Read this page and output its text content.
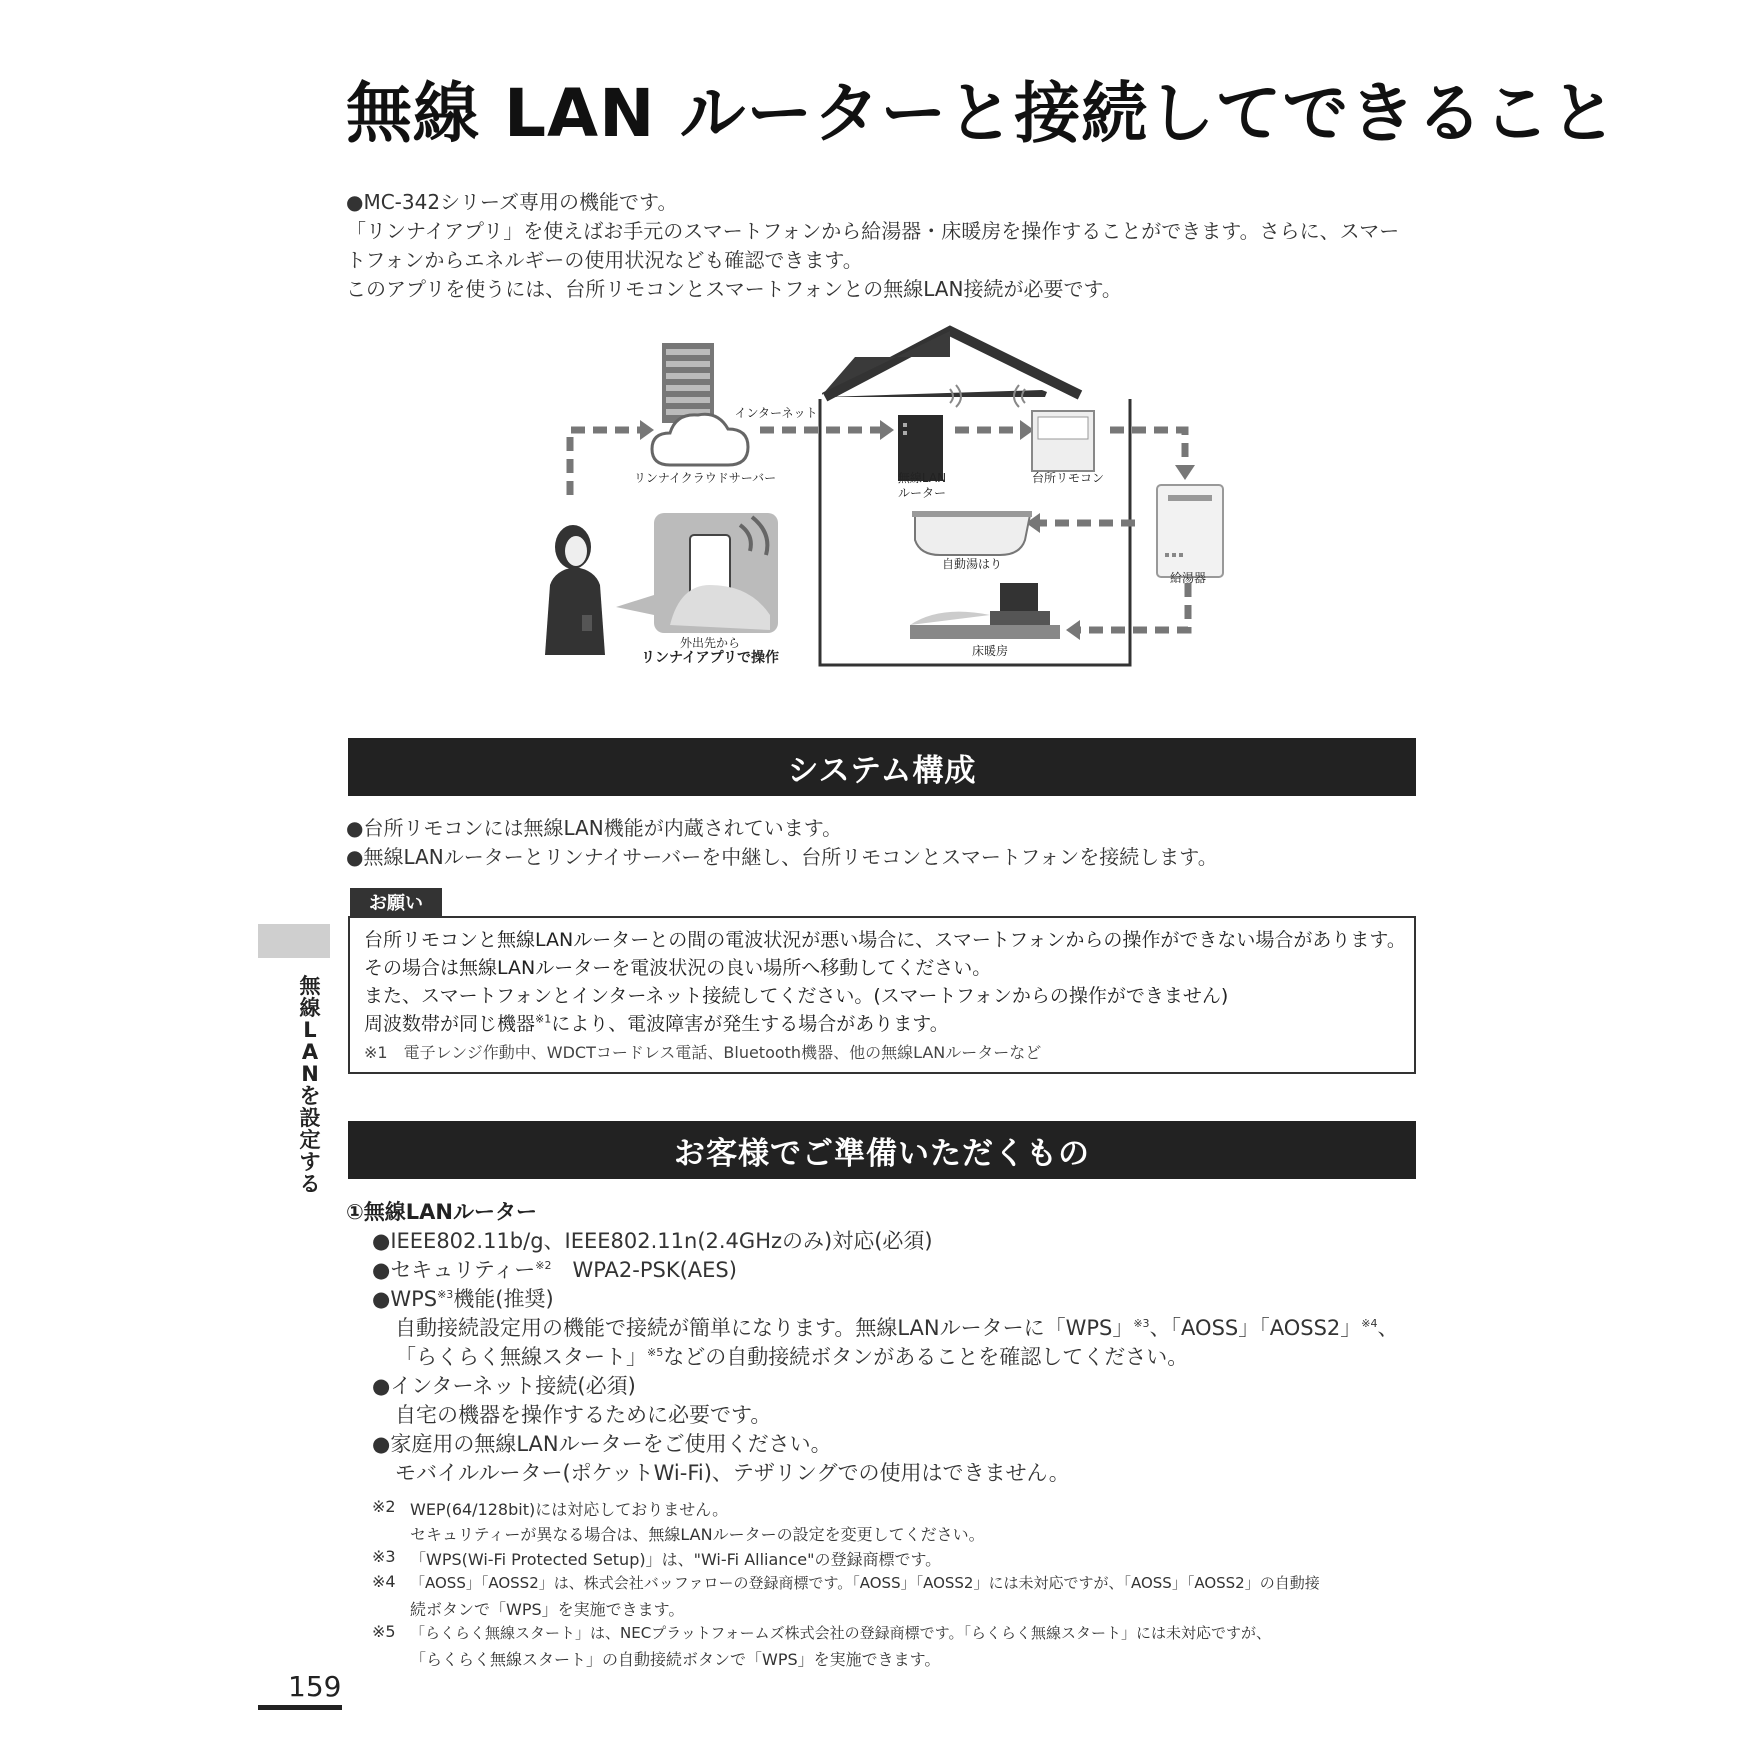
無線 LAN ルーターと接続してできること
●MC-342シリーズ専用の機能です。
「リンナイアプリ」を使えばお手元のスマートフォンから給湯器・床暖房を操作することができます。さらに、スマー
トフォンからエネルギーの使用状況なども確認できます。
このアプリを使うには、台所リモコンとスマートフォンとの無線LAN接続が必要です。
インターネット
リンナイクラウドサーバー	無線LAN
ルーター
台所リモコン
給湯器
自動湯はり
床暖房
外出先から
リンナイアプリで操作
システム構成
●台所リモコンには無線LAN機能が内蔵されています。
●無線LANルーターとリンナイサーバーを中継し、台所リモコンとスマートフォンを接続します。
お願い
台所リモコンと無線LANルーターとの間の電波状況が悪い場合に、スマートフォンからの操作ができない場合があります。
その場合は無線LANルーターを電波状況の良い場所へ移動してください。
また、スマートフォンとインターネット接続してください。(スマートフォンからの操作ができません)
周波数帯が同じ機器$^{※1}$により、電波障害が発生する場合があります。
※1　電子レンジ作動中、WDCTコードレス電話、Bluetooth機器、他の無線LANルーターなど
お客様でご準備いただくもの
①無線LANルーター
●IEEE802.11b/g、IEEE802.11n(2.4GHzのみ)対応(必須)
●セキュリティー$^{※2}$　WPA2-PSK(AES)
●WPS$^{※3}$機能(推奨)
自動接続設定用の機能で接続が簡単になります。無線LANルーターに「WPS」$^{※3}$、「AOSS」「AOSS2」$^{※4}$、
「らくらく無線スタート」$^{※5}$などの自動接続ボタンがあることを確認してください。
●インターネット接続(必須)
自宅の機器を操作するために必要です。
●家庭用の無線LANルーターをご使用ください。
モバイルルーター(ポケットWi-Fi)、テザリングでの使用はできません。
※2 WEP(64/128bit)には対応しておりません。
セキュリティーが異なる場合は、無線LANルーターの設定を変更してください。
※3 「WPS(Wi-Fi Protected Setup)」は、"Wi-Fi Alliance"の登録商標です。
※4 「AOSS」「AOSS2」は、株式会社バッファローの登録商標です。「AOSS」「AOSS2」には未対応ですが、「AOSS」「AOSS2」の自動接
続ボタンで「WPS」を実施できます。
※5 「らくらく無線スタート」は、NECプラットフォームズ株式会社の登録商標です。「らくらく無線スタート」には未対応ですが、
「らくらく無線スタート」の自動接続ボタンで「WPS」を実施できます。
無線LANを設定する
159
